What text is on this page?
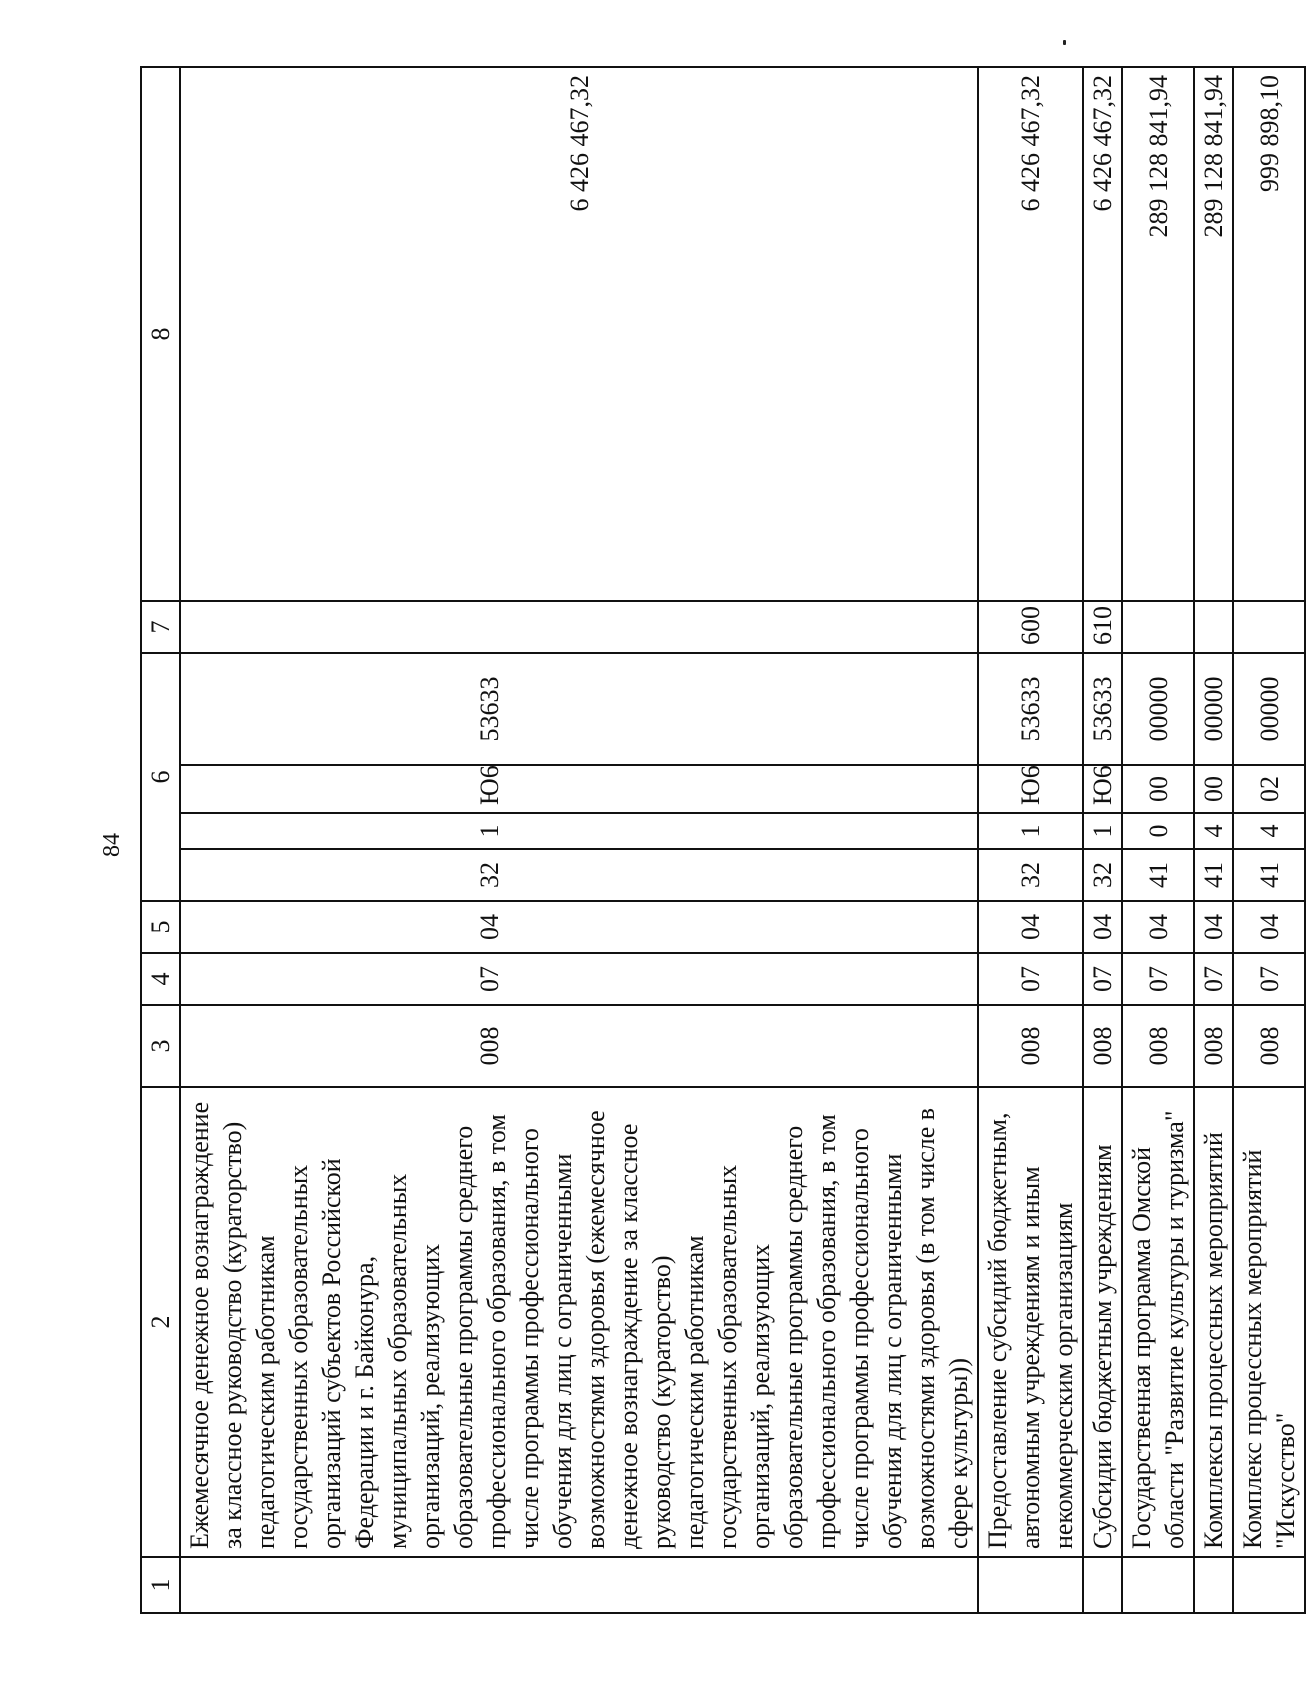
84
1	2	3	4	5	6				7	8
	Ежемесячное денежное вознаграждение за классное руководство (кураторство) педагогическим работникам государственных образовательных организаций субъектов Российской Федерации и г. Байконура, муниципальных образовательных организаций, реализующих образовательные программы среднего профессионального образования, в том числе программы профессионального обучения для лиц с ограниченными возможностями здоровья (ежемесячное денежное вознаграждение за классное руководство (кураторство) педагогическим работникам государственных образовательных организаций, реализующих образовательные программы среднего профессионального образования, в том числе программы профессионального обучения для лиц с ограниченными возможностями здоровья (в том числе в сфере культуры))	008	07	04	32	1	Ю6	53633		6 426 467,32
	Предоставление субсидий бюджетным, автономным учреждениям и иным некоммерческим организациям	008	07	04	32	1	Ю6	53633	600	6 426 467,32
	Субсидии бюджетным учреждениям	008	07	04	32	1	Ю6	53633	610	6 426 467,32
	Государственная программа Омской области "Развитие культуры и туризма"	008	07	04	41	0	00	00000		289 128 841,94
	Комплексы процессных мероприятий	008	07	04	41	4	00	00000		289 128 841,94
	Комплекс процессных мероприятий "Искусство"	008	07	04	41	4	02	00000		999 898,10
